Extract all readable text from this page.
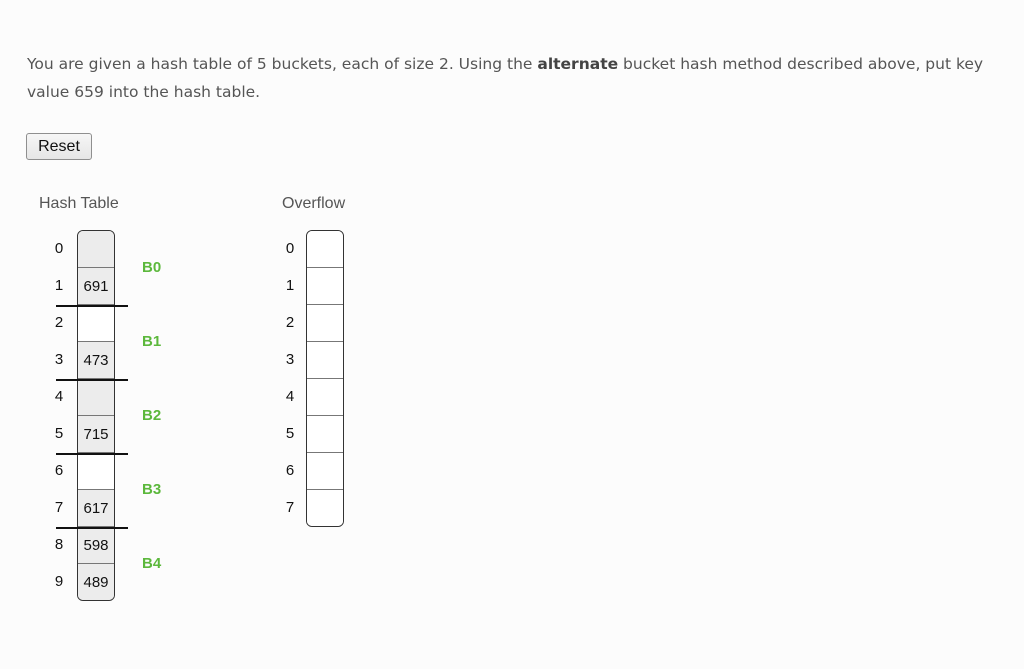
You are given a hash table of 5 buckets, each of size 2. Using the alternate bucket hash method described above, put key value 659 into the hash table.
Reset
Hash Table	Overflow
0
1
2
3
4
5
6
7
8
9
691
473
715
617
598
489
B0
B1
B2
B3
B4
0
1
2
3
4
5
6
7
